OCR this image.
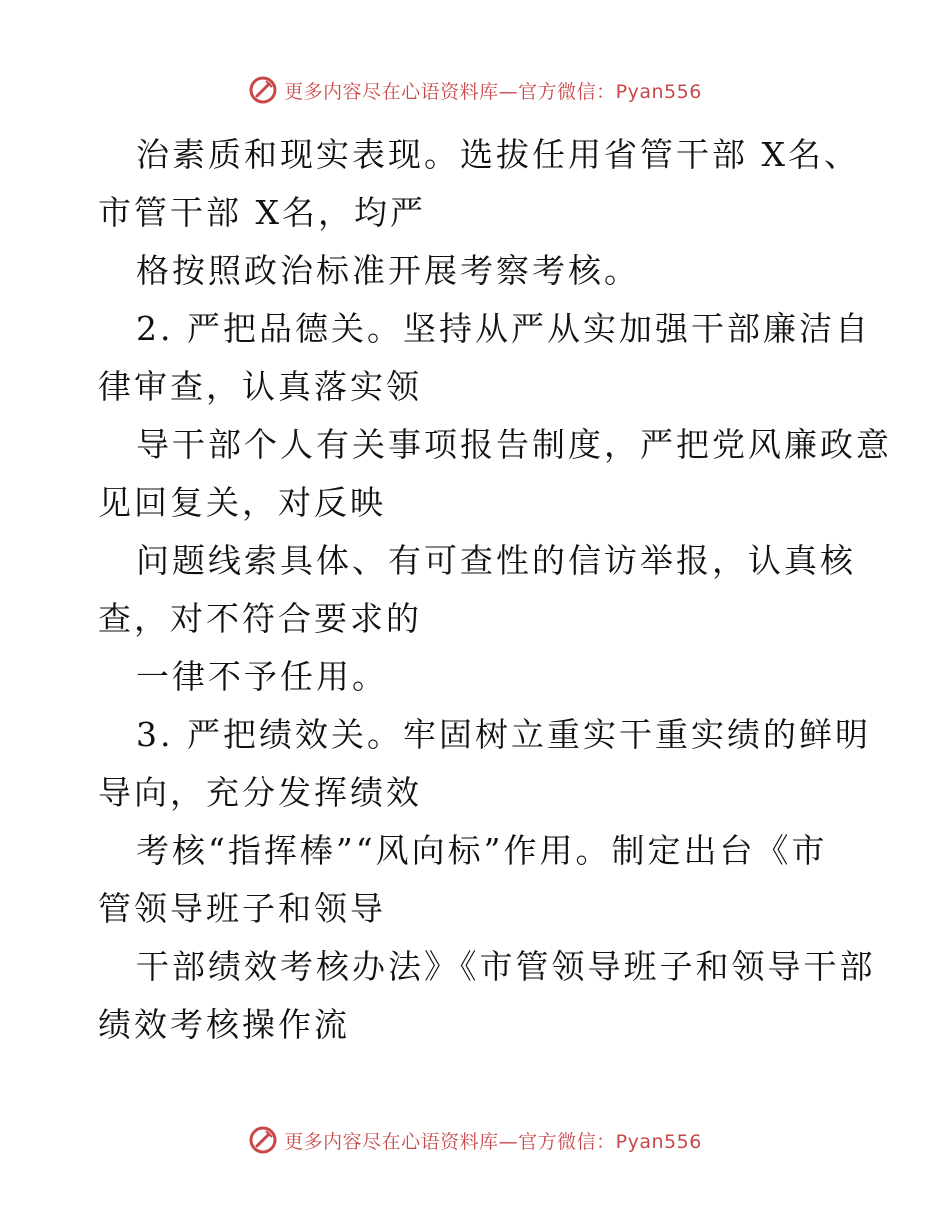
更多内容尽在心语资料库—官方微信：Pyan556
治素质和现实表现。选拔任用省管干部 X名、
市管干部 X名，均严
格按照政治标准开展考察考核。
2. 严把品德关。坚持从严从实加强干部廉洁自
律审查，认真落实领
导干部个人有关事项报告制度，严把党风廉政意
见回复关，对反映
问题线索具体、有可查性的信访举报，认真核
查，对不符合要求的
一律不予任用。
3. 严把绩效关。牢固树立重实干重实绩的鲜明
导向，充分发挥绩效
考核“指挥棒”“风向标”作用。制定出台《市
管领导班子和领导
干部绩效考核办法》《市管领导班子和领导干部
绩效考核操作流
更多内容尽在心语资料库—官方微信：Pyan556
